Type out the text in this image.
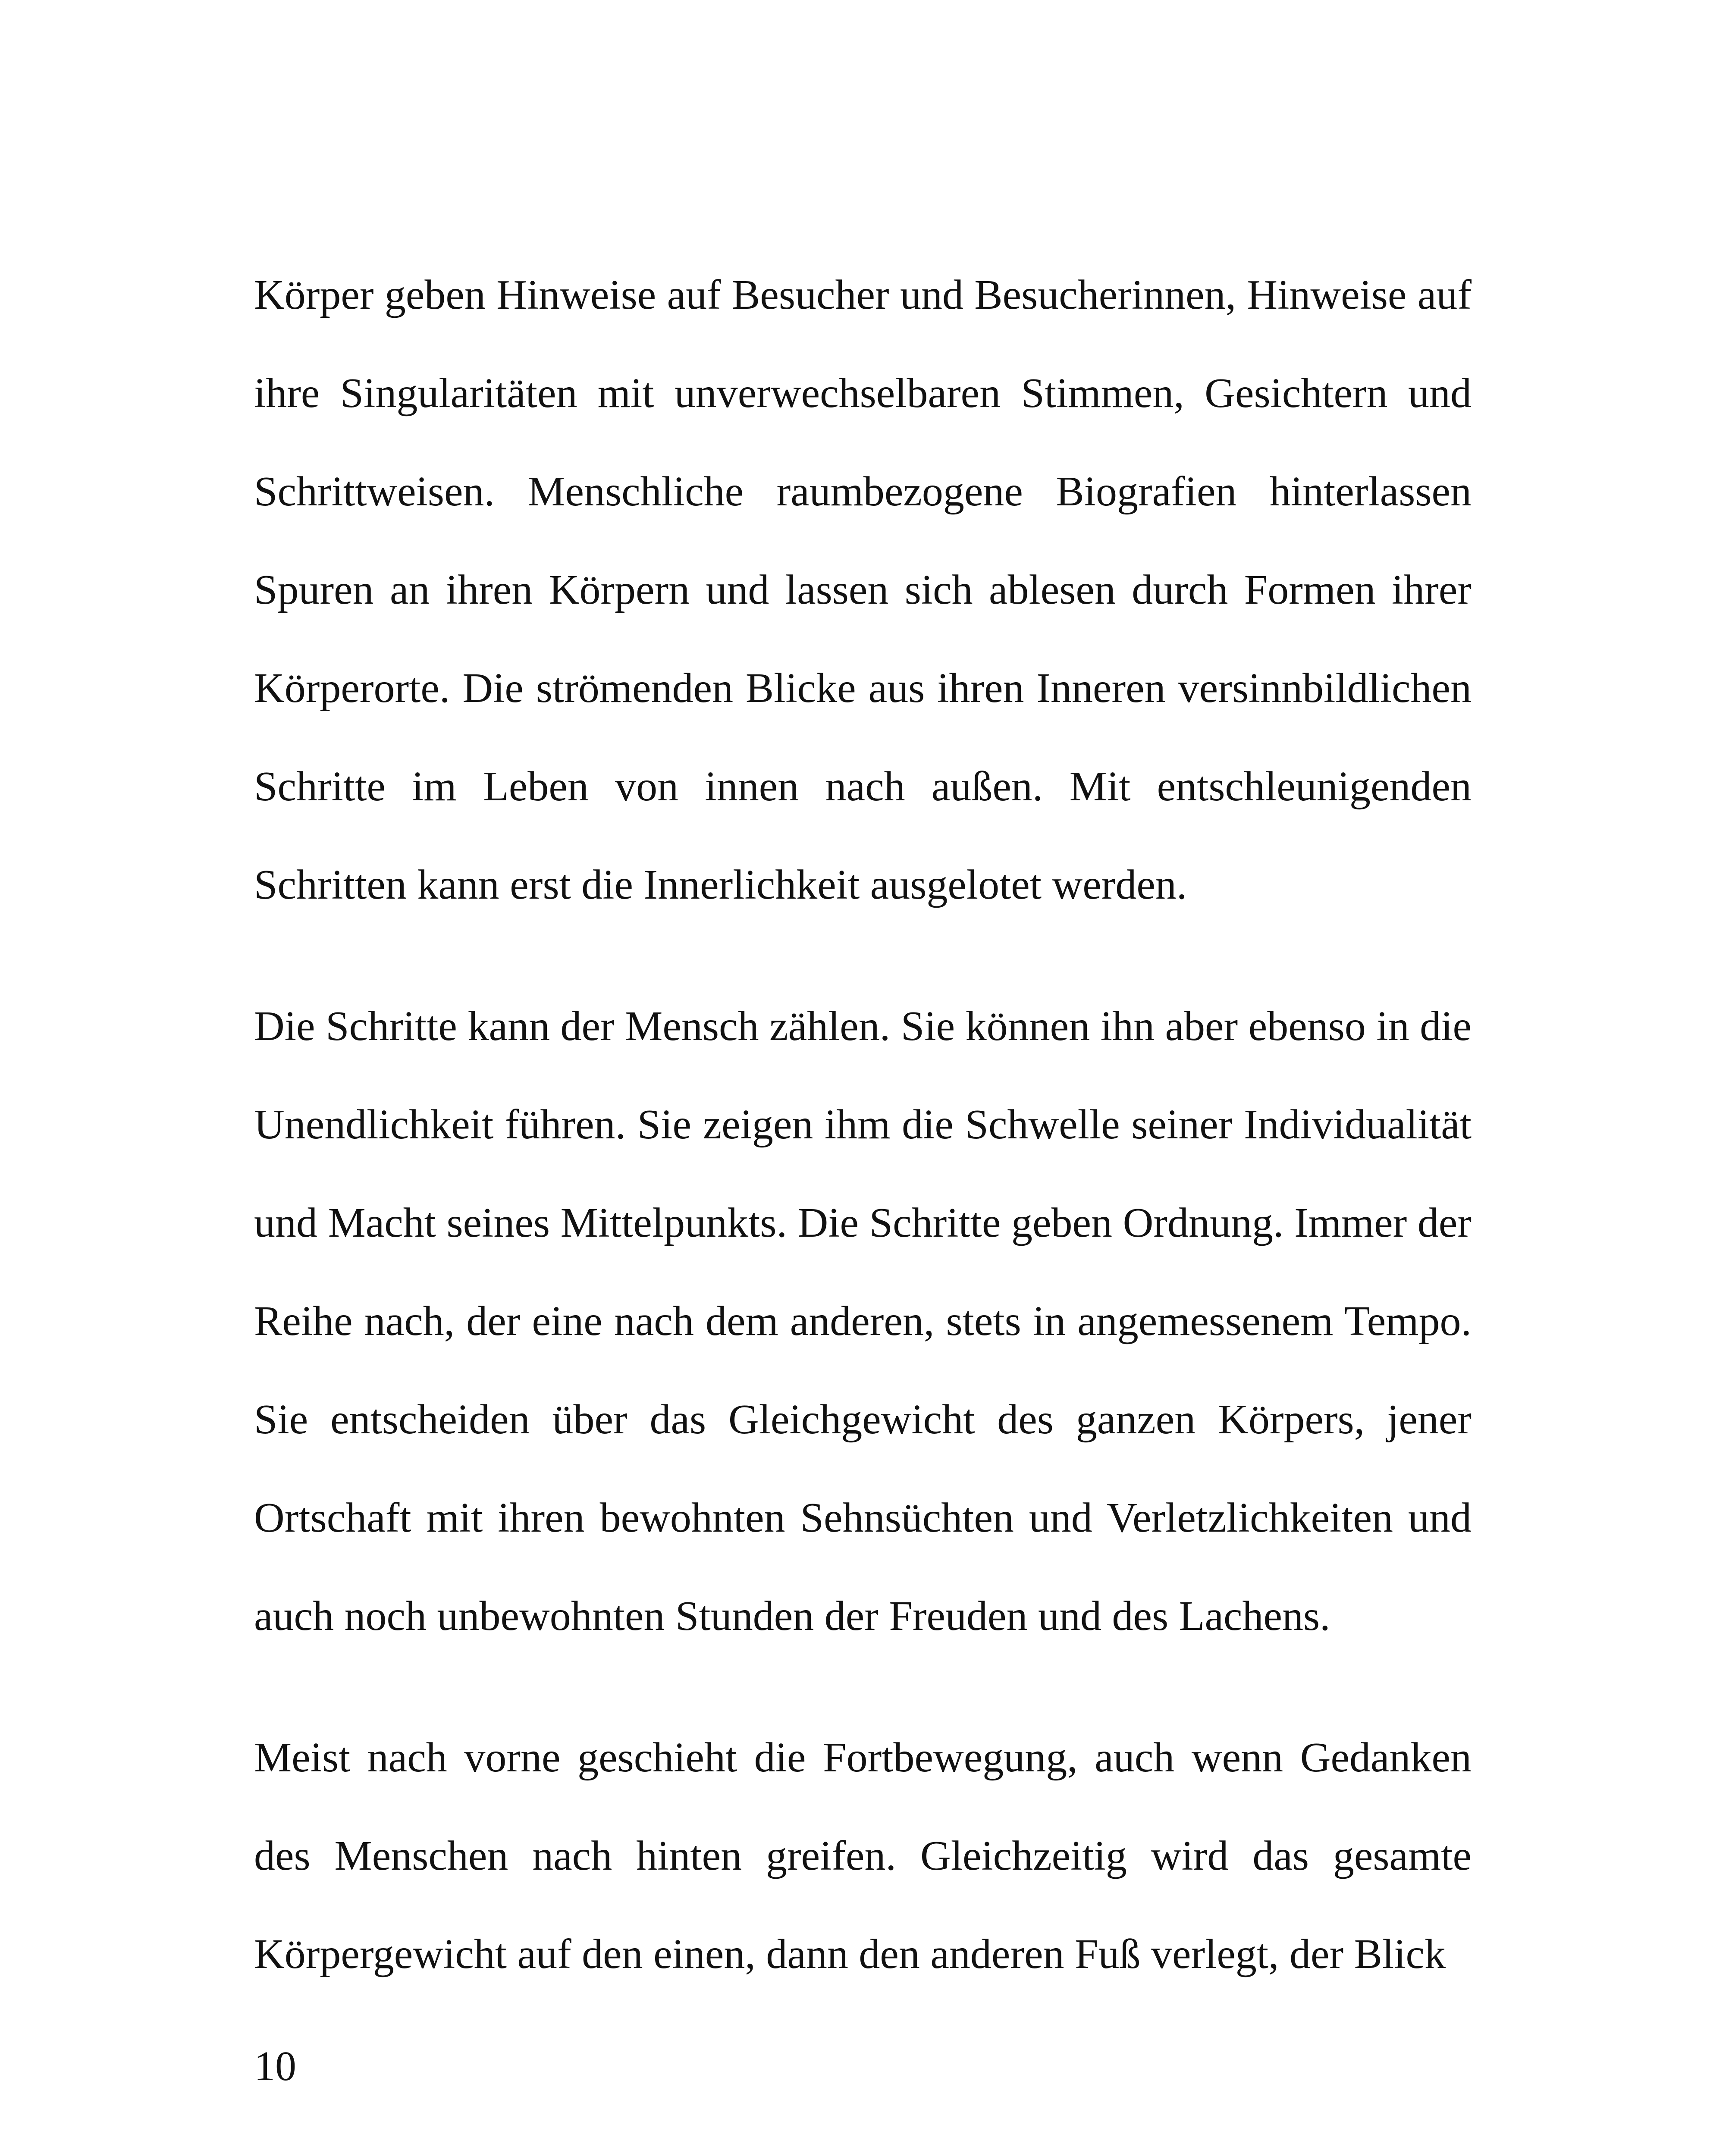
Körper geben Hinweise auf Besucher und Besucherinnen, Hinweise auf ihre Singularitäten mit unverwechselbaren Stimmen, Gesichtern und Schrittweisen. Menschliche raumbezogene Biografien hinterlassen Spuren an ihren Körpern und lassen sich ablesen durch Formen ihrer Körperorte. Die strömenden Blicke aus ihren Inneren versinnbildlichen Schritte im Leben von innen nach außen. Mit entschleunigenden Schritten kann erst die Innerlichkeit ausgelotet werden.

Die Schritte kann der Mensch zählen. Sie können ihn aber ebenso in die Unendlichkeit führen. Sie zeigen ihm die Schwelle seiner Individualität und Macht seines Mittelpunkts. Die Schritte geben Ordnung. Immer der Reihe nach, der eine nach dem anderen, stets in angemessenem Tempo. Sie entscheiden über das Gleichgewicht des ganzen Körpers, jener Ortschaft mit ihren bewohnten Sehnsüchten und Verletzlichkeiten und auch noch unbewohnten Stunden der Freuden und des Lachens.

Meist nach vorne geschieht die Fortbewegung, auch wenn Gedanken des Menschen nach hinten greifen. Gleichzeitig wird das gesamte Körpergewicht auf den einen, dann den anderen Fuß verlegt, der Blick

10
